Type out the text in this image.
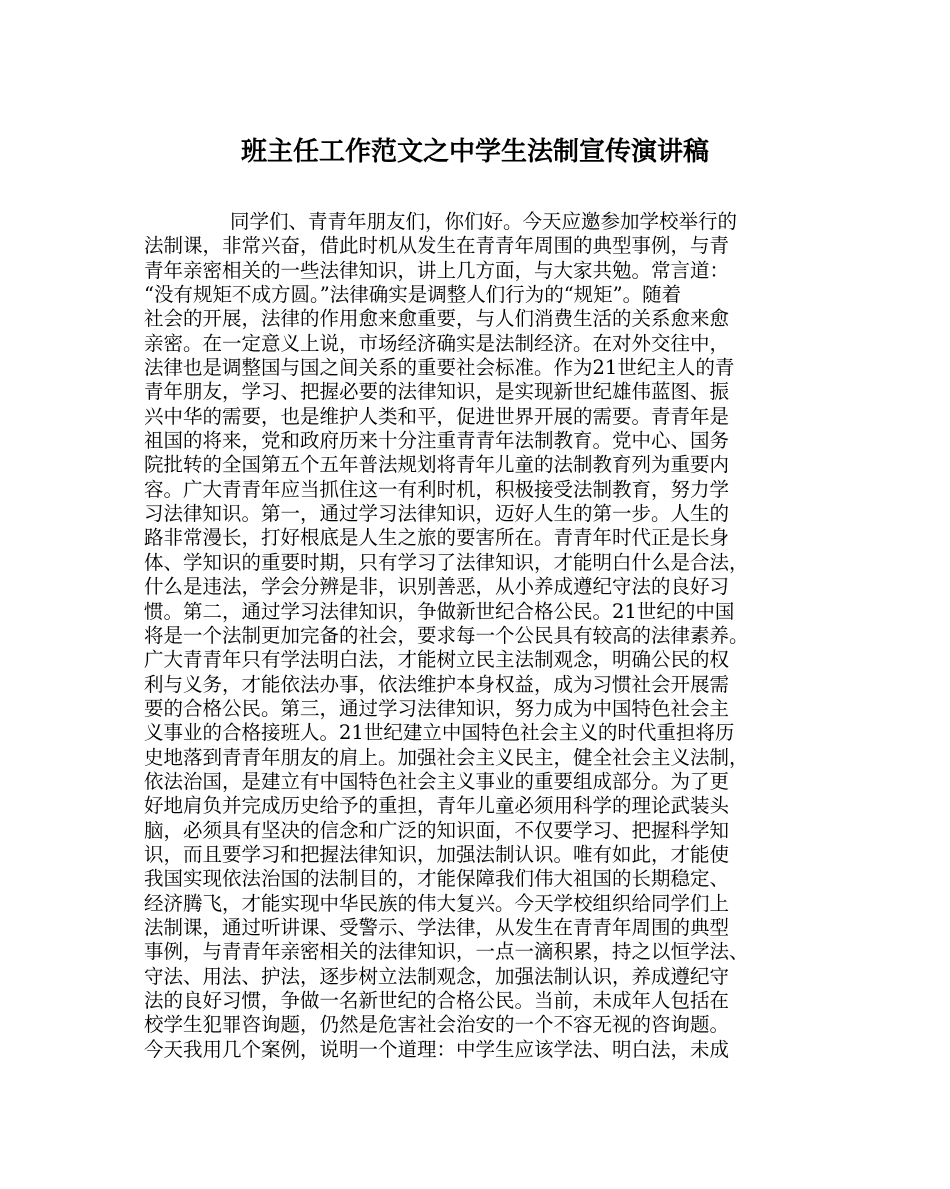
班主任工作范文之中学生法制宣传演讲稿
同学们、青青年朋友们，你们好。今天应邀参加学校举行的
法制课，非常兴奋，借此时机从发生在青青年周围的典型事例，与青
青年亲密相关的一些法律知识，讲上几方面，与大家共勉。常言道：
“没有规矩不成方圆。”法律确实是调整人们行为的“规矩”。随着
社会的开展，法律的作用愈来愈重要，与人们消费生活的关系愈来愈
亲密。在一定意义上说，市场经济确实是法制经济。在对外交往中，
法律也是调整国与国之间关系的重要社会标准。作为21世纪主人的青
青年朋友，学习、把握必要的法律知识，是实现新世纪雄伟蓝图、振
兴中华的需要，也是维护人类和平，促进世界开展的需要。青青年是
祖国的将来，党和政府历来十分注重青青年法制教育。党中心、国务
院批转的全国第五个五年普法规划将青年儿童的法制教育列为重要内
容。广大青青年应当抓住这一有利时机，积极接受法制教育，努力学
习法律知识。第一，通过学习法律知识，迈好人生的第一步。人生的
路非常漫长，打好根底是人生之旅的要害所在。青青年时代正是长身
体、学知识的重要时期，只有学习了法律知识，才能明白什么是合法，
什么是违法，学会分辨是非，识别善恶，从小养成遵纪守法的良好习
惯。第二，通过学习法律知识，争做新世纪合格公民。21世纪的中国
将是一个法制更加完备的社会，要求每一个公民具有较高的法律素养。
广大青青年只有学法明白法，才能树立民主法制观念，明确公民的权
利与义务，才能依法办事，依法维护本身权益，成为习惯社会开展需
要的合格公民。第三，通过学习法律知识，努力成为中国特色社会主
义事业的合格接班人。21世纪建立中国特色社会主义的时代重担将历
史地落到青青年朋友的肩上。加强社会主义民主，健全社会主义法制，
依法治国，是建立有中国特色社会主义事业的重要组成部分。为了更
好地肩负并完成历史给予的重担，青年儿童必须用科学的理论武装头
脑，必须具有坚决的信念和广泛的知识面，不仅要学习、把握科学知
识，而且要学习和把握法律知识，加强法制认识。唯有如此，才能使
我国实现依法治国的法制目的，才能保障我们伟大祖国的长期稳定、
经济腾飞，才能实现中华民族的伟大复兴。今天学校组织给同学们上
法制课，通过听讲课、受警示、学法律，从发生在青青年周围的典型
事例，与青青年亲密相关的法律知识，一点一滴积累，持之以恒学法、
守法、用法、护法，逐步树立法制观念，加强法制认识，养成遵纪守
法的良好习惯，争做一名新世纪的合格公民。当前，未成年人包括在
校学生犯罪咨询题，仍然是危害社会治安的一个不容无视的咨询题。
今天我用几个案例，说明一个道理：中学生应该学法、明白法，未成
